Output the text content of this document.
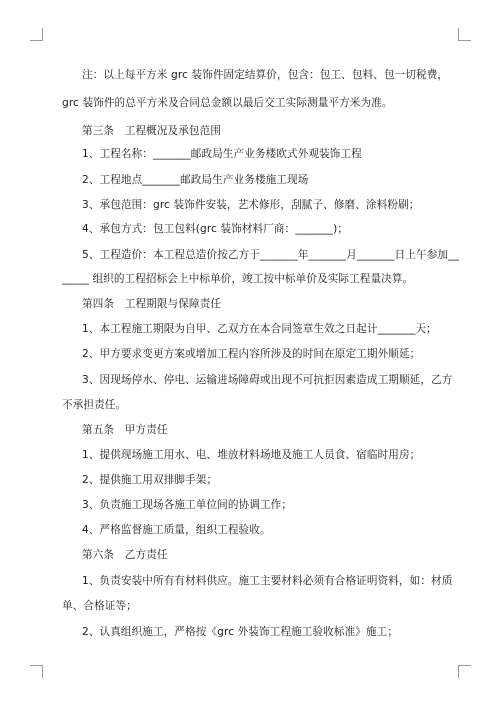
注：以上每平方米 grc 装饰件固定结算价，包含：包工、包料、包一切税费，
grc 装饰件的总平方米及合同总金额以最后交工实际测量平方米为准。
第三条　工程概况及承包范围
1、工程名称：_______邮政局生产业务楼欧式外观装饰工程
2、工程地点_______邮政局生产业务楼施工现场
3、承包范围：grc 装饰件安装，艺术修形，刮腻子、修磨、涂料粉刷；
4、承包方式：包工包料(grc 装饰材料厂商：_______)；
5、工程造价：本工程总造价按乙方于_______年_______月_______日上午参加__
_____ 组织的工程招标会上中标单价，竣工按中标单价及实际工程量决算。
第四条　工程期限与保障责任
1、本工程施工期限为自甲、乙双方在本合同签章生效之日起计_______天；
2、甲方要求变更方案或增加工程内容所涉及的时间在原定工期外顺延；
3、因现场停水、停电、运输进场障碍或出现不可抗拒因素造成工期顺延，乙方
不承担责任。
第五条　甲方责任
1、提供现场施工用水、电、堆放材料场地及施工人员食、宿临时用房；
2、提供施工用双排脚手架；
3、负责施工现场各施工单位间的协调工作；
4、严格监督施工质量，组织工程验收。
第六条　乙方责任
1、负责安装中所有有材料供应。施工主要材料必须有合格证明资料，如：材质
单、合格证等；
2、认真组织施工，严格按《grc 外装饰工程施工验收标准》施工；
